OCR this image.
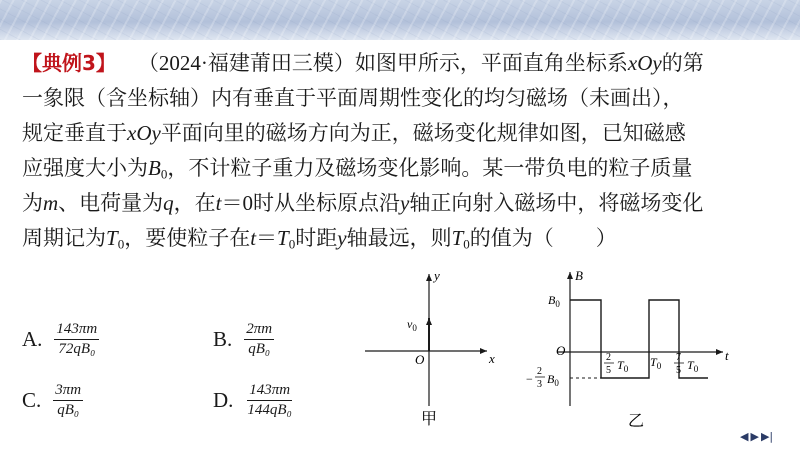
【典例3】 （2024·福建莆田三模）如图甲所示，平面直角坐标系xOy的第
一象限（含坐标轴）内有垂直于平面周期性变化的均匀磁场（未画出），
规定垂直于xOy平面向里的磁场方向为正，磁场变化规律如图，已知磁感
应强度大小为$B_0$，不计粒子重力及磁场变化影响。某一带负电的粒子质量
为m、电荷量为q，在t＝0时从坐标原点沿y轴正向射入磁场中，将磁场变化
周期记为$T_0$，要使粒子在$t=T_0$时距y轴最远，则$T_0$的值为（　　）
A. $\frac{143\pi m}{\text{72qB₀}}$	B. $\frac{2\pi m}{\text{qB₀}}$
C. $\frac{3\pi m}{\text{qB₀}}$	D. $\frac{143\pi m}{\text{144qB₀}}$
y
x
O
$v_0$
甲
B
t
O
$B_0$
−
2
3 $B_0$
2
5 $T_0$ $T_0$
7
5 $T_0$
乙
◀ ▶ ▶|
